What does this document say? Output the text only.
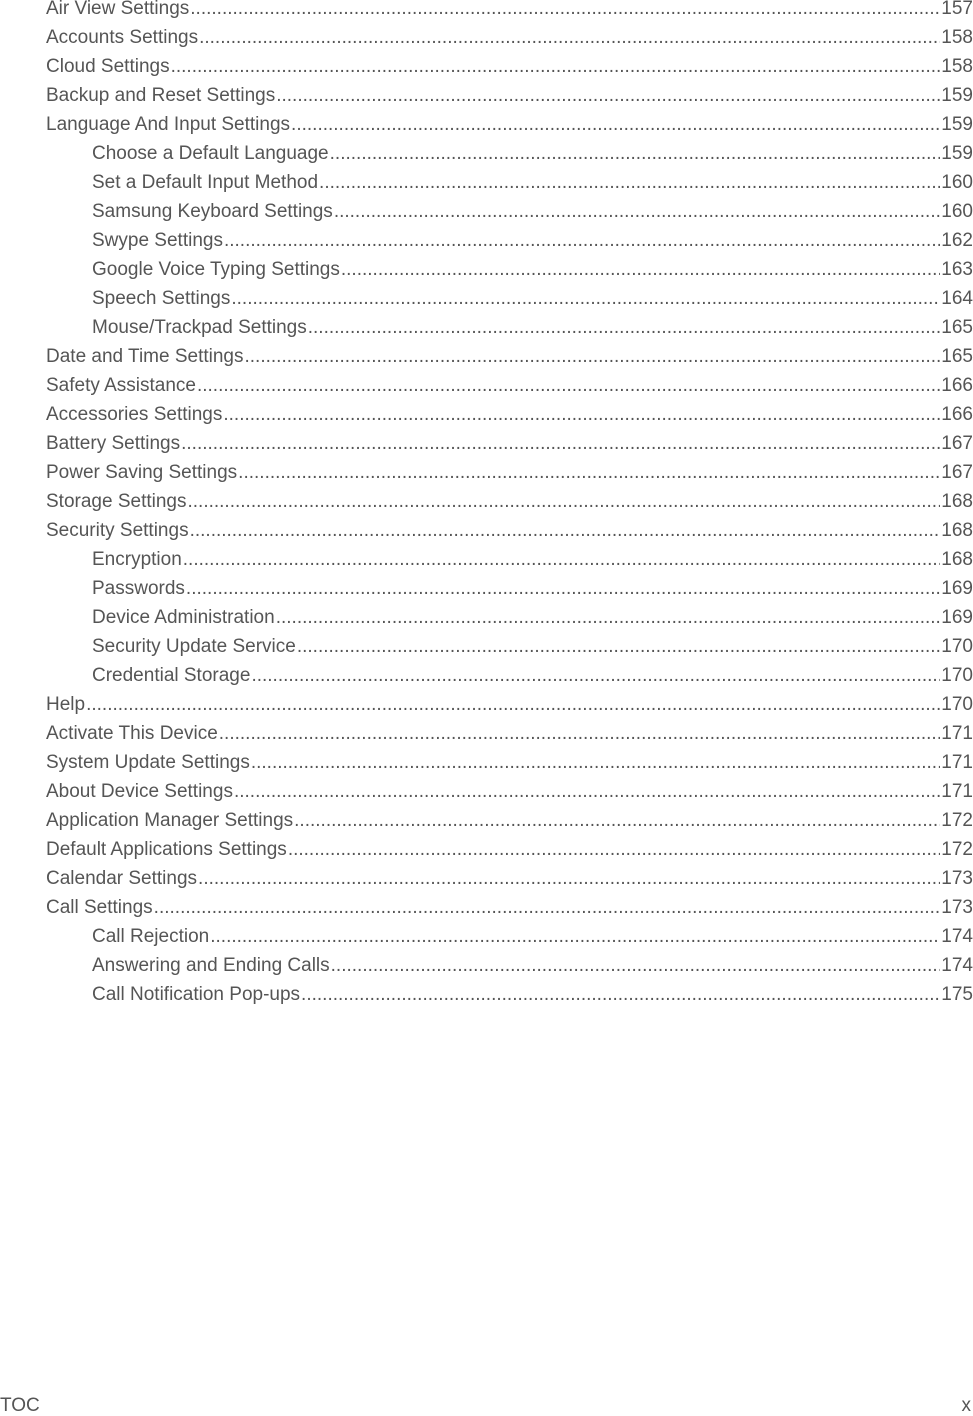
Air View Settings .....	157
Accounts Settings .....	158
Cloud Settings .....	158
Backup and Reset Settings .....	159
Language And Input Settings .....	159
Choose a Default Language .....	159
Set a Default Input Method .....	160
Samsung Keyboard Settings .....	160
Swype Settings .....	162
Google Voice Typing Settings .....	163
Speech Settings .....	164
Mouse/Trackpad Settings .....	165
Date and Time Settings .....	165
Safety Assistance .....	166
Accessories Settings .....	166
Battery Settings .....	167
Power Saving Settings .....	167
Storage Settings .....	168
Security Settings .....	168
Encryption .....	168
Passwords .....	169
Device Administration .....	169
Security Update Service .....	170
Credential Storage .....	170
Help .....	170
Activate This Device .....	171
System Update Settings .....	171
About Device Settings .....	171
Application Manager Settings .....	172
Default Applications Settings .....	172
Calendar Settings .....	173
Call Settings .....	173
Call Rejection .....	174
Answering and Ending Calls .....	174
Call Notification Pop-ups .....	175
TOC	x
